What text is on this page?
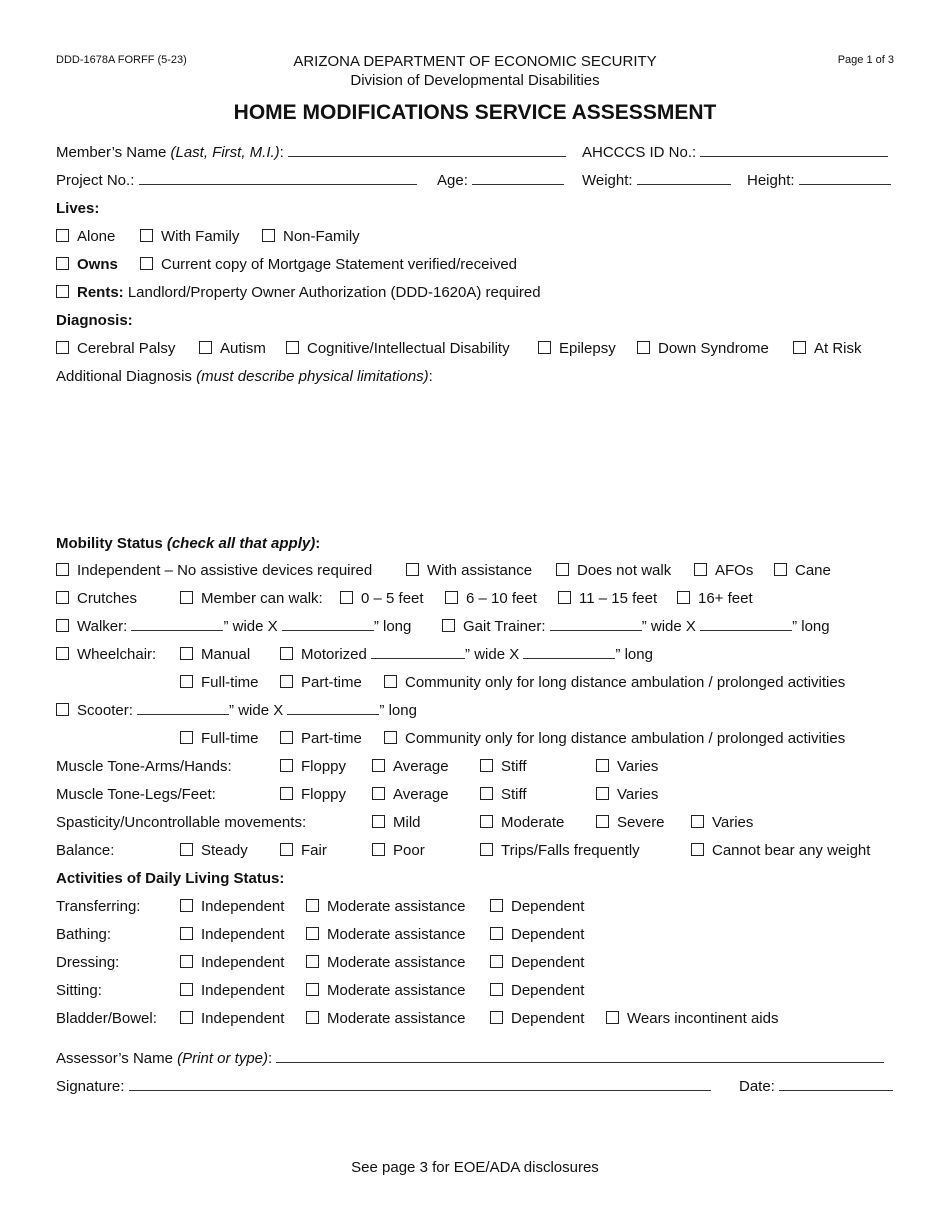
DDD-1678A FORFF (5-23)	ARIZONA DEPARTMENT OF ECONOMIC SECURITY
Division of Developmental Disabilities
Page 1 of 3
HOME MODIFICATIONS SERVICE ASSESSMENT
Member’s Name (Last, First, M.I.):	AHCCCS ID No.:
Project No.:	Age:	Weight:	Height:
Lives:
Alone	With Family	Non-Family
Owns	Current copy of Mortgage Statement verified/received
Rents: Landlord/Property Owner Authorization (DDD-1620A) required
Diagnosis:
Cerebral Palsy	Autism	Cognitive/Intellectual Disability	Epilepsy	Down Syndrome	At Risk
Additional Diagnosis (must describe physical limitations):
Mobility Status (check all that apply):
Independent – No assistive devices required	With assistance	Does not walk	AFOs	Cane
Crutches	Member can walk:	0 – 5 feet	6 – 10 feet	11 – 15 feet	16+ feet
Walker:	” wide X	” long	Gait Trainer:	” wide X	” long
Wheelchair:	Manual	Motorized	” wide X	” long
Full-time	Part-time	Community only for long distance ambulation / prolonged activities
Scooter:	” wide X	” long
Full-time	Part-time	Community only for long distance ambulation / prolonged activities
Muscle Tone-Arms/Hands:	Floppy	Average	Stiff	Varies
Muscle Tone-Legs/Feet:	Floppy	Average	Stiff	Varies
Spasticity/Uncontrollable movements:	Mild	Moderate	Severe	Varies
Balance:	Steady	Fair	Poor	Trips/Falls frequently	Cannot bear any weight
Activities of Daily Living Status:
Transferring:	Independent	Moderate assistance	Dependent
Bathing:	Independent	Moderate assistance	Dependent
Dressing:	Independent	Moderate assistance	Dependent
Sitting:	Independent	Moderate assistance	Dependent
Bladder/Bowel:	Independent	Moderate assistance	Dependent	Wears incontinent aids
Assessor’s Name (Print or type):
Signature:	Date:
See page 3 for EOE/ADA disclosures
